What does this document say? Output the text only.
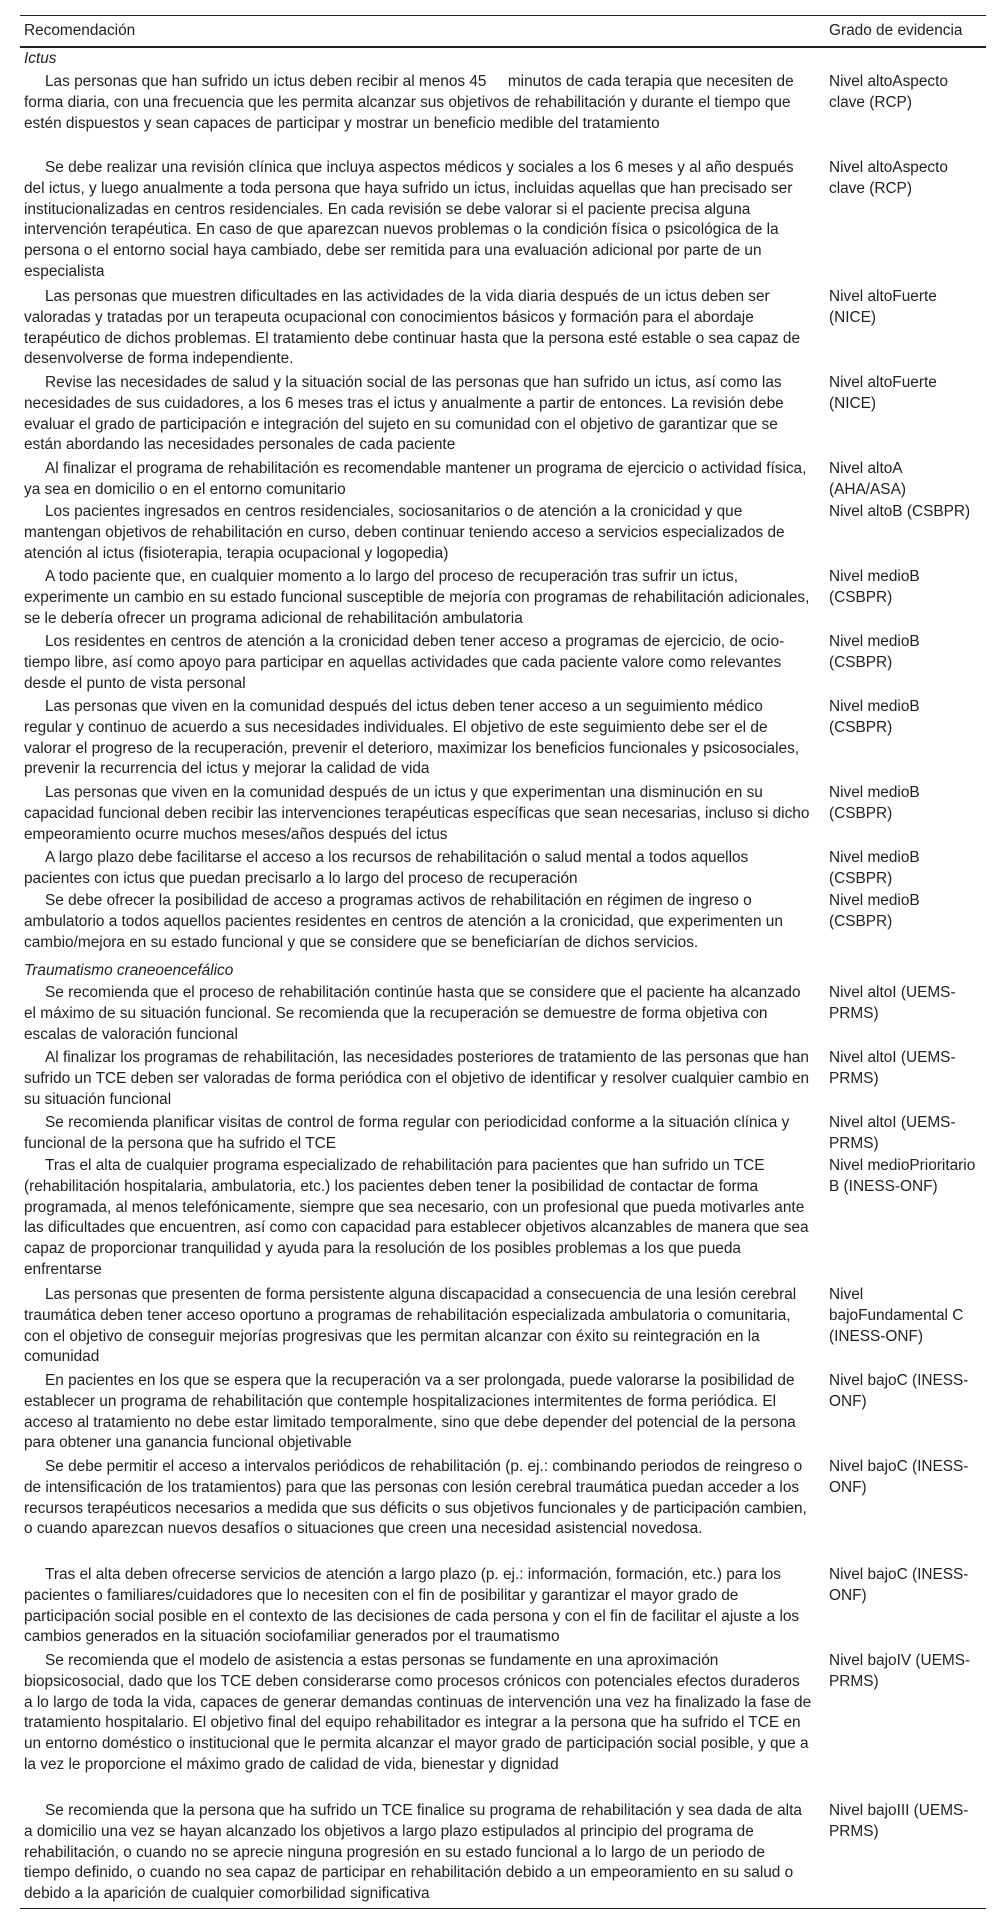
Recomendación	Grado de evidencia
Ictus
Las personas que han sufrido un ictus deben recibir al menos 45     minutos de cada terapia que necesiten de forma diaria, con una frecuencia que les permita alcanzar sus objetivos de rehabilitación y durante el tiempo que estén dispuestos y sean capaces de participar y mostrar un beneficio medible del tratamiento
Nivel altoAspecto clave (RCP)
Se debe realizar una revisión clínica que incluya aspectos médicos y sociales a los 6 meses y al año después del ictus, y luego anualmente a toda persona que haya sufrido un ictus, incluidas aquellas que han precisado ser institucionalizadas en centros residenciales. En cada revisión se debe valorar si el paciente precisa alguna intervención terapéutica. En caso de que aparezcan nuevos problemas o la condición física o psicológica de la persona o el entorno social haya cambiado, debe ser remitida para una evaluación adicional por parte de un especialista
Nivel altoAspecto clave (RCP)
Las personas que muestren dificultades en las actividades de la vida diaria después de un ictus deben ser valoradas y tratadas por un terapeuta ocupacional con conocimientos básicos y formación para el abordaje terapéutico de dichos problemas. El tratamiento debe continuar hasta que la persona esté estable o sea capaz de desenvolverse de forma independiente.
Nivel altoFuerte (NICE)
Revise las necesidades de salud y la situación social de las personas que han sufrido un ictus, así como las necesidades de sus cuidadores, a los 6 meses tras el ictus y anualmente a partir de entonces. La revisión debe evaluar el grado de participación e integración del sujeto en su comunidad con el objetivo de garantizar que se están abordando las necesidades personales de cada paciente
Nivel altoFuerte (NICE)
Al finalizar el programa de rehabilitación es recomendable mantener un programa de ejercicio o actividad física, ya sea en domicilio o en el entorno comunitario
Nivel altoA (AHA/ASA)
Los pacientes ingresados en centros residenciales, sociosanitarios o de atención a la cronicidad y que mantengan objetivos de rehabilitación en curso, deben continuar teniendo acceso a servicios especializados de atención al ictus (fisioterapia, terapia ocupacional y logopedia)
Nivel altoB (CSBPR)
A todo paciente que, en cualquier momento a lo largo del proceso de recuperación tras sufrir un ictus, experimente un cambio en su estado funcional susceptible de mejoría con programas de rehabilitación adicionales, se le debería ofrecer un programa adicional de rehabilitación ambulatoria
Nivel medioB (CSBPR)
Los residentes en centros de atención a la cronicidad deben tener acceso a programas de ejercicio, de ocio-tiempo libre, así como apoyo para participar en aquellas actividades que cada paciente valore como relevantes desde el punto de vista personal
Nivel medioB (CSBPR)
Las personas que viven en la comunidad después del ictus deben tener acceso a un seguimiento médico regular y continuo de acuerdo a sus necesidades individuales. El objetivo de este seguimiento debe ser el de valorar el progreso de la recuperación, prevenir el deterioro, maximizar los beneficios funcionales y psicosociales, prevenir la recurrencia del ictus y mejorar la calidad de vida
Nivel medioB (CSBPR)
Las personas que viven en la comunidad después de un ictus y que experimentan una disminución en su capacidad funcional deben recibir las intervenciones terapéuticas específicas que sean necesarias, incluso si dicho empeoramiento ocurre muchos meses/años después del ictus
Nivel medioB (CSBPR)
A largo plazo debe facilitarse el acceso a los recursos de rehabilitación o salud mental a todos aquellos pacientes con ictus que puedan precisarlo a lo largo del proceso de recuperación
Nivel medioB (CSBPR)
Se debe ofrecer la posibilidad de acceso a programas activos de rehabilitación en régimen de ingreso o ambulatorio a todos aquellos pacientes residentes en centros de atención a la cronicidad, que experimenten un cambio/mejora en su estado funcional y que se considere que se beneficiarían de dichos servicios.
Nivel medioB (CSBPR)
Traumatismo craneoencefálico
Se recomienda que el proceso de rehabilitación continúe hasta que se considere que el paciente ha alcanzado el máximo de su situación funcional. Se recomienda que la recuperación se demuestre de forma objetiva con escalas de valoración funcional
Nivel altoI (UEMS-PRMS)
Al finalizar los programas de rehabilitación, las necesidades posteriores de tratamiento de las personas que han sufrido un TCE deben ser valoradas de forma periódica con el objetivo de identificar y resolver cualquier cambio en su situación funcional
Nivel altoI (UEMS-PRMS)
Se recomienda planificar visitas de control de forma regular con periodicidad conforme a la situación clínica y funcional de la persona que ha sufrido el TCE
Nivel altoI (UEMS-PRMS)
Tras el alta de cualquier programa especializado de rehabilitación para pacientes que han sufrido un TCE (rehabilitación hospitalaria, ambulatoria, etc.) los pacientes deben tener la posibilidad de contactar de forma programada, al menos telefónicamente, siempre que sea necesario, con un profesional que pueda motivarles ante las dificultades que encuentren, así como con capacidad para establecer objetivos alcanzables de manera que sea capaz de proporcionar tranquilidad y ayuda para la resolución de los posibles problemas a los que pueda enfrentarse
Nivel medioPrioritario B (INESS-ONF)
Las personas que presenten de forma persistente alguna discapacidad a consecuencia de una lesión cerebral traumática deben tener acceso oportuno a programas de rehabilitación especializada ambulatoria o comunitaria, con el objetivo de conseguir mejorías progresivas que les permitan alcanzar con éxito su reintegración en la comunidad
Nivel bajoFundamental C (INESS-ONF)
En pacientes en los que se espera que la recuperación va a ser prolongada, puede valorarse la posibilidad de establecer un programa de rehabilitación que contemple hospitalizaciones intermitentes de forma periódica. El acceso al tratamiento no debe estar limitado temporalmente, sino que debe depender del potencial de la persona para obtener una ganancia funcional objetivable
Nivel bajoC (INESS-ONF)
Se debe permitir el acceso a intervalos periódicos de rehabilitación (p. ej.: combinando periodos de reingreso o de intensificación de los tratamientos) para que las personas con lesión cerebral traumática puedan acceder a los recursos terapéuticos necesarios a medida que sus déficits o sus objetivos funcionales y de participación cambien, o cuando aparezcan nuevos desafíos o situaciones que creen una necesidad asistencial novedosa.
Nivel bajoC (INESS-ONF)
Tras el alta deben ofrecerse servicios de atención a largo plazo (p. ej.: información, formación, etc.) para los pacientes o familiares/cuidadores que lo necesiten con el fin de posibilitar y garantizar el mayor grado de participación social posible en el contexto de las decisiones de cada persona y con el fin de facilitar el ajuste a los cambios generados en la situación sociofamiliar generados por el traumatismo
Nivel bajoC (INESS-ONF)
Se recomienda que el modelo de asistencia a estas personas se fundamente en una aproximación biopsicosocial, dado que los TCE deben considerarse como procesos crónicos con potenciales efectos duraderos a lo largo de toda la vida, capaces de generar demandas continuas de intervención una vez ha finalizado la fase de tratamiento hospitalario. El objetivo final del equipo rehabilitador es integrar a la persona que ha sufrido el TCE en un entorno doméstico o institucional que le permita alcanzar el mayor grado de participación social posible, y que a la vez le proporcione el máximo grado de calidad de vida, bienestar y dignidad
Nivel bajoIV (UEMS-PRMS)
Se recomienda que la persona que ha sufrido un TCE finalice su programa de rehabilitación y sea dada de alta a domicilio una vez se hayan alcanzado los objetivos a largo plazo estipulados al principio del programa de rehabilitación, o cuando no se aprecie ninguna progresión en su estado funcional a lo largo de un periodo de tiempo definido, o cuando no sea capaz de participar en rehabilitación debido a un empeoramiento en su salud o debido a la aparición de cualquier comorbilidad significativa
Nivel bajoIII (UEMS-PRMS)
